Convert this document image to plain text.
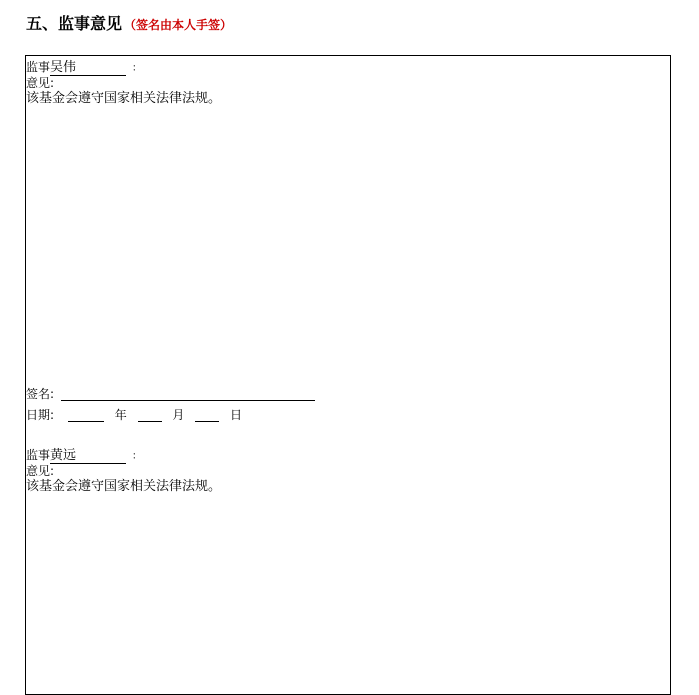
五、监事意见 （签名由本人手签）
监事吴伟	：
意见:
该基金会遵守国家相关法律法规。
签名:
日期:	年	月	日
监事黄远	：
意见:
该基金会遵守国家相关法律法规。
